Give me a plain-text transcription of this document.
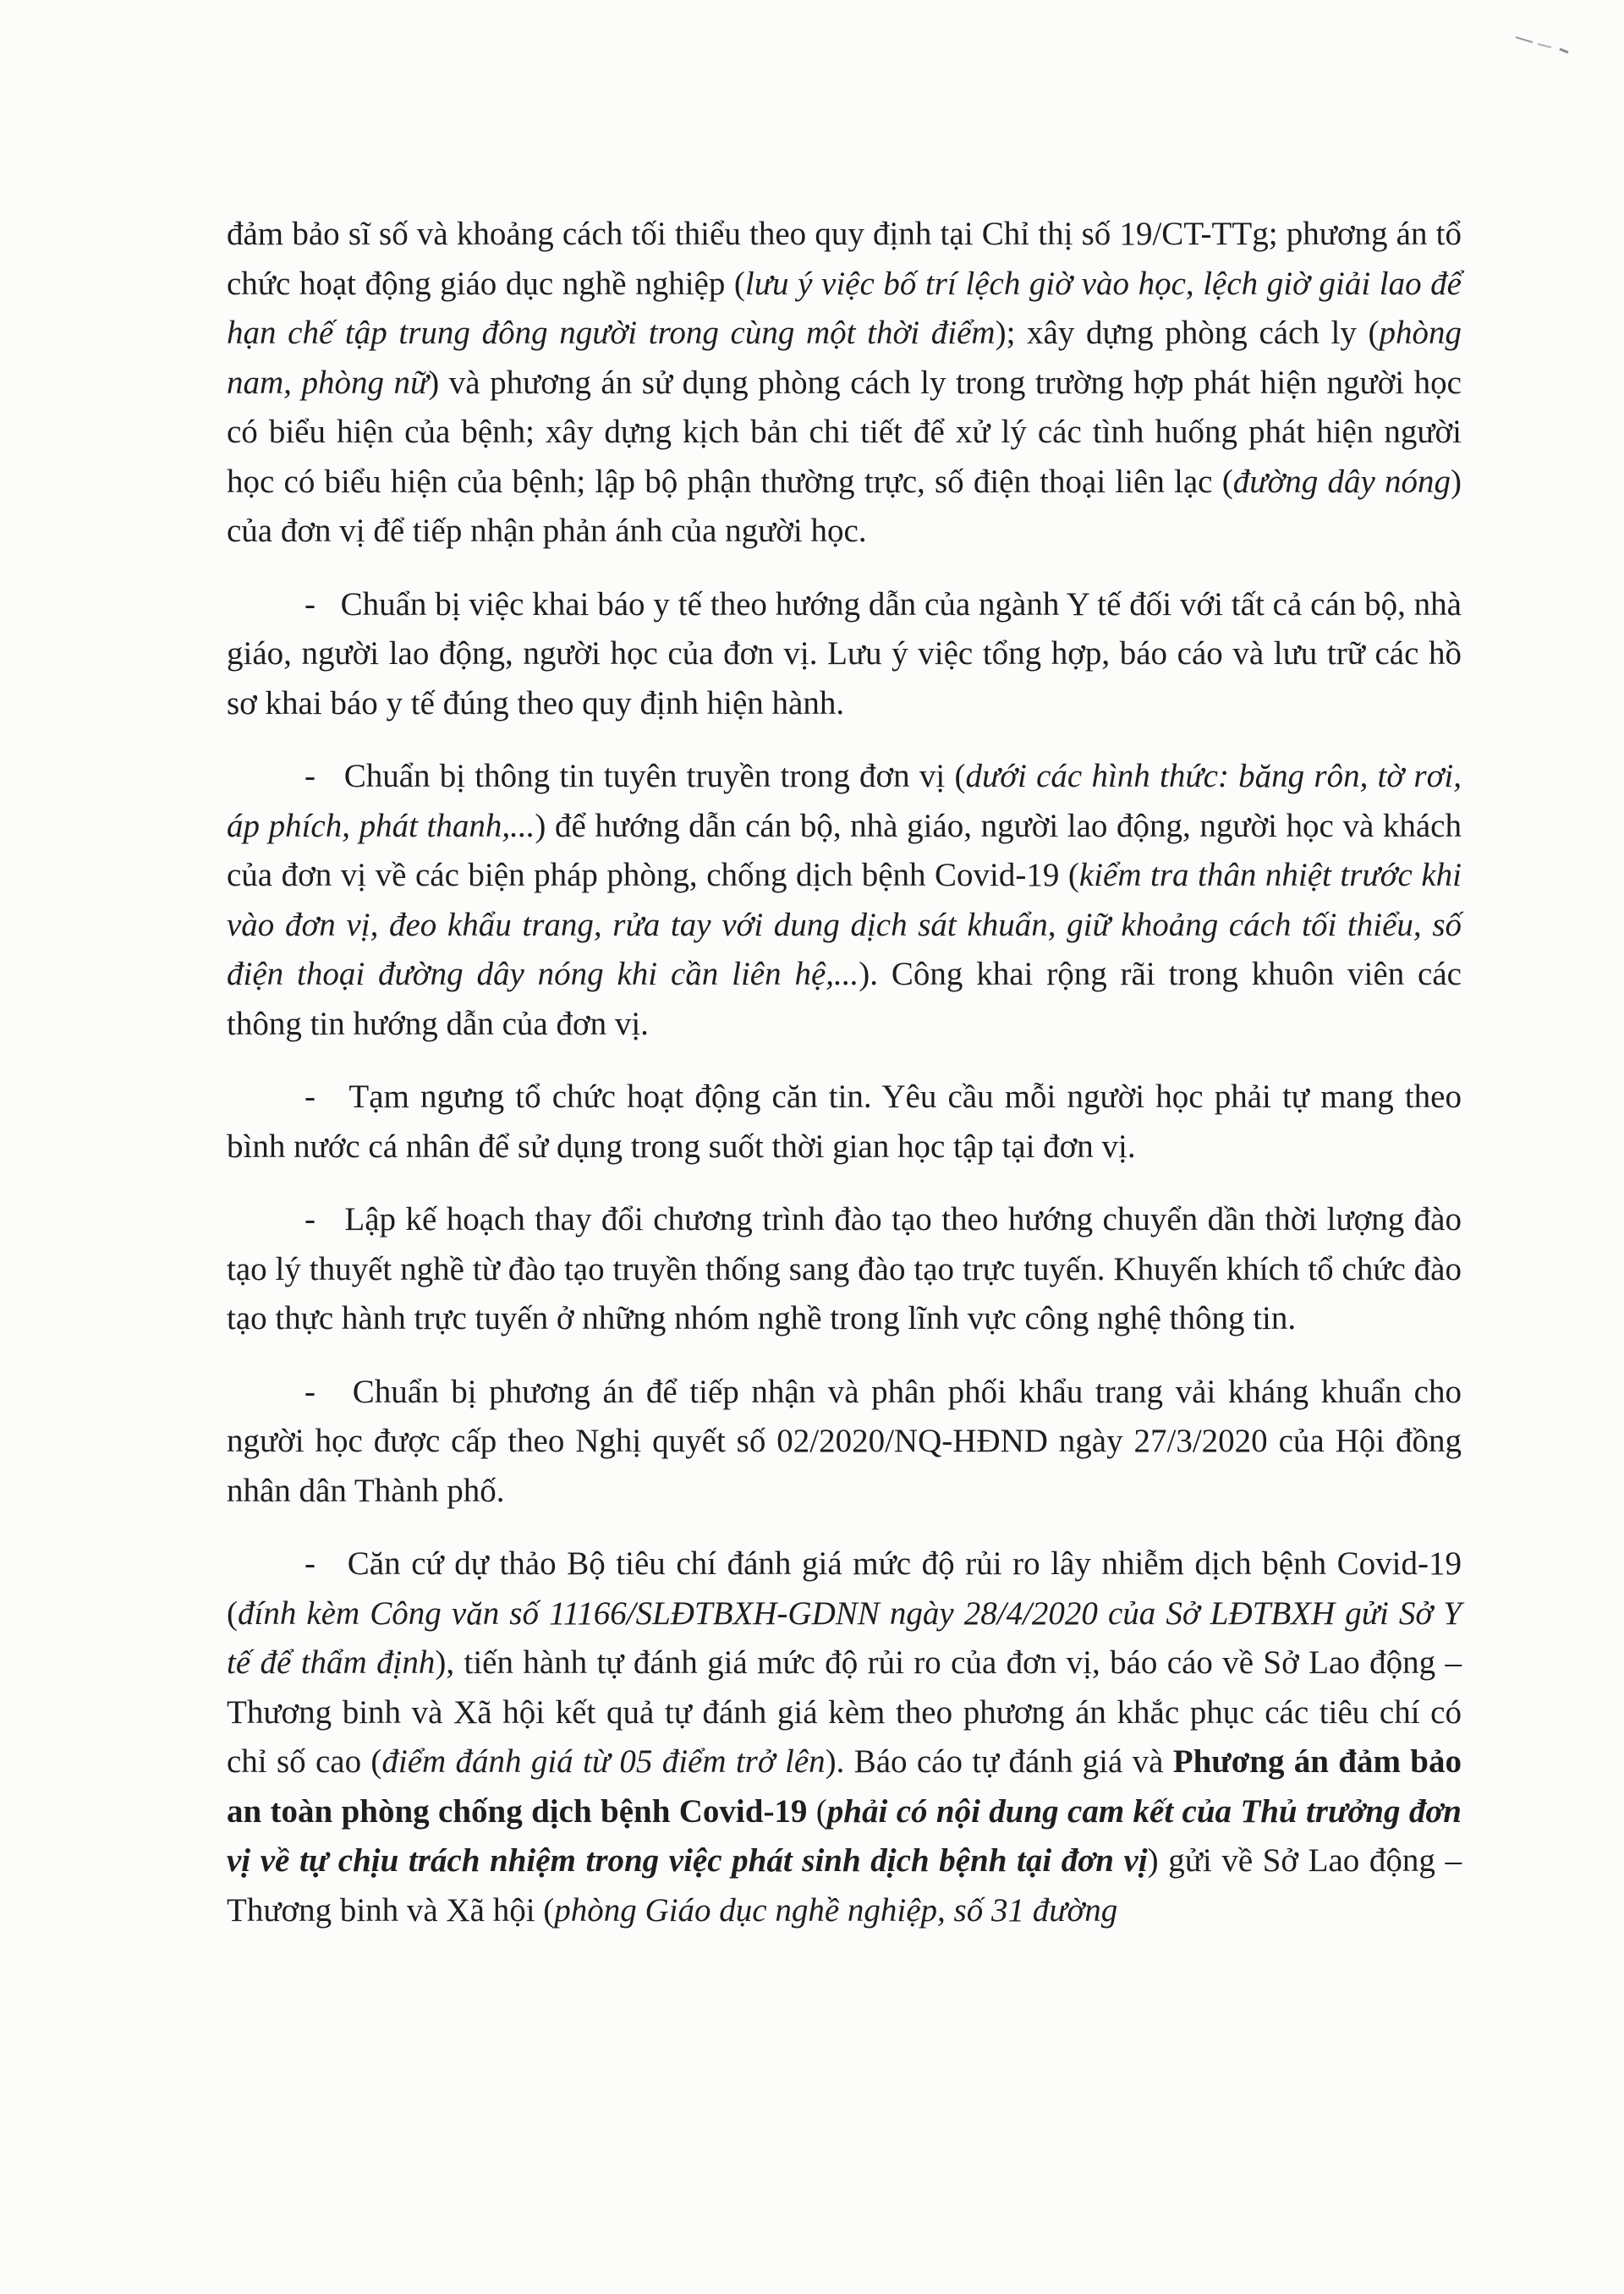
đảm bảo sĩ số và khoảng cách tối thiểu theo quy định tại Chỉ thị số 19/CT-TTg; phương án tổ chức hoạt động giáo dục nghề nghiệp (lưu ý việc bố trí lệch giờ vào học, lệch giờ giải lao để hạn chế tập trung đông người trong cùng một thời điểm); xây dựng phòng cách ly (phòng nam, phòng nữ) và phương án sử dụng phòng cách ly trong trường hợp phát hiện người học có biểu hiện của bệnh; xây dựng kịch bản chi tiết để xử lý các tình huống phát hiện người học có biểu hiện của bệnh; lập bộ phận thường trực, số điện thoại liên lạc (đường dây nóng) của đơn vị để tiếp nhận phản ánh của người học.

- Chuẩn bị việc khai báo y tế theo hướng dẫn của ngành Y tế đối với tất cả cán bộ, nhà giáo, người lao động, người học của đơn vị. Lưu ý việc tổng hợp, báo cáo và lưu trữ các hồ sơ khai báo y tế đúng theo quy định hiện hành.

- Chuẩn bị thông tin tuyên truyền trong đơn vị (dưới các hình thức: băng rôn, tờ rơi, áp phích, phát thanh,...) để hướng dẫn cán bộ, nhà giáo, người lao động, người học và khách của đơn vị về các biện pháp phòng, chống dịch bệnh Covid-19 (kiểm tra thân nhiệt trước khi vào đơn vị, đeo khẩu trang, rửa tay với dung dịch sát khuẩn, giữ khoảng cách tối thiểu, số điện thoại đường dây nóng khi cần liên hệ,...). Công khai rộng rãi trong khuôn viên các thông tin hướng dẫn của đơn vị.

- Tạm ngưng tổ chức hoạt động căn tin. Yêu cầu mỗi người học phải tự mang theo bình nước cá nhân để sử dụng trong suốt thời gian học tập tại đơn vị.

- Lập kế hoạch thay đổi chương trình đào tạo theo hướng chuyển dần thời lượng đào tạo lý thuyết nghề từ đào tạo truyền thống sang đào tạo trực tuyến. Khuyến khích tổ chức đào tạo thực hành trực tuyến ở những nhóm nghề trong lĩnh vực công nghệ thông tin.

- Chuẩn bị phương án để tiếp nhận và phân phối khẩu trang vải kháng khuẩn cho người học được cấp theo Nghị quyết số 02/2020/NQ-HĐND ngày 27/3/2020 của Hội đồng nhân dân Thành phố.

- Căn cứ dự thảo Bộ tiêu chí đánh giá mức độ rủi ro lây nhiễm dịch bệnh Covid-19 (đính kèm Công văn số 11166/SLĐTBXH-GDNN ngày 28/4/2020 của Sở LĐTBXH gửi Sở Y tế để thẩm định), tiến hành tự đánh giá mức độ rủi ro của đơn vị, báo cáo về Sở Lao động – Thương binh và Xã hội kết quả tự đánh giá kèm theo phương án khắc phục các tiêu chí có chỉ số cao (điểm đánh giá từ 05 điểm trở lên). Báo cáo tự đánh giá và Phương án đảm bảo an toàn phòng chống dịch bệnh Covid-19 (phải có nội dung cam kết của Thủ trưởng đơn vị về tự chịu trách nhiệm trong việc phát sinh dịch bệnh tại đơn vị) gửi về Sở Lao động – Thương binh và Xã hội (phòng Giáo dục nghề nghiệp, số 31 đường
